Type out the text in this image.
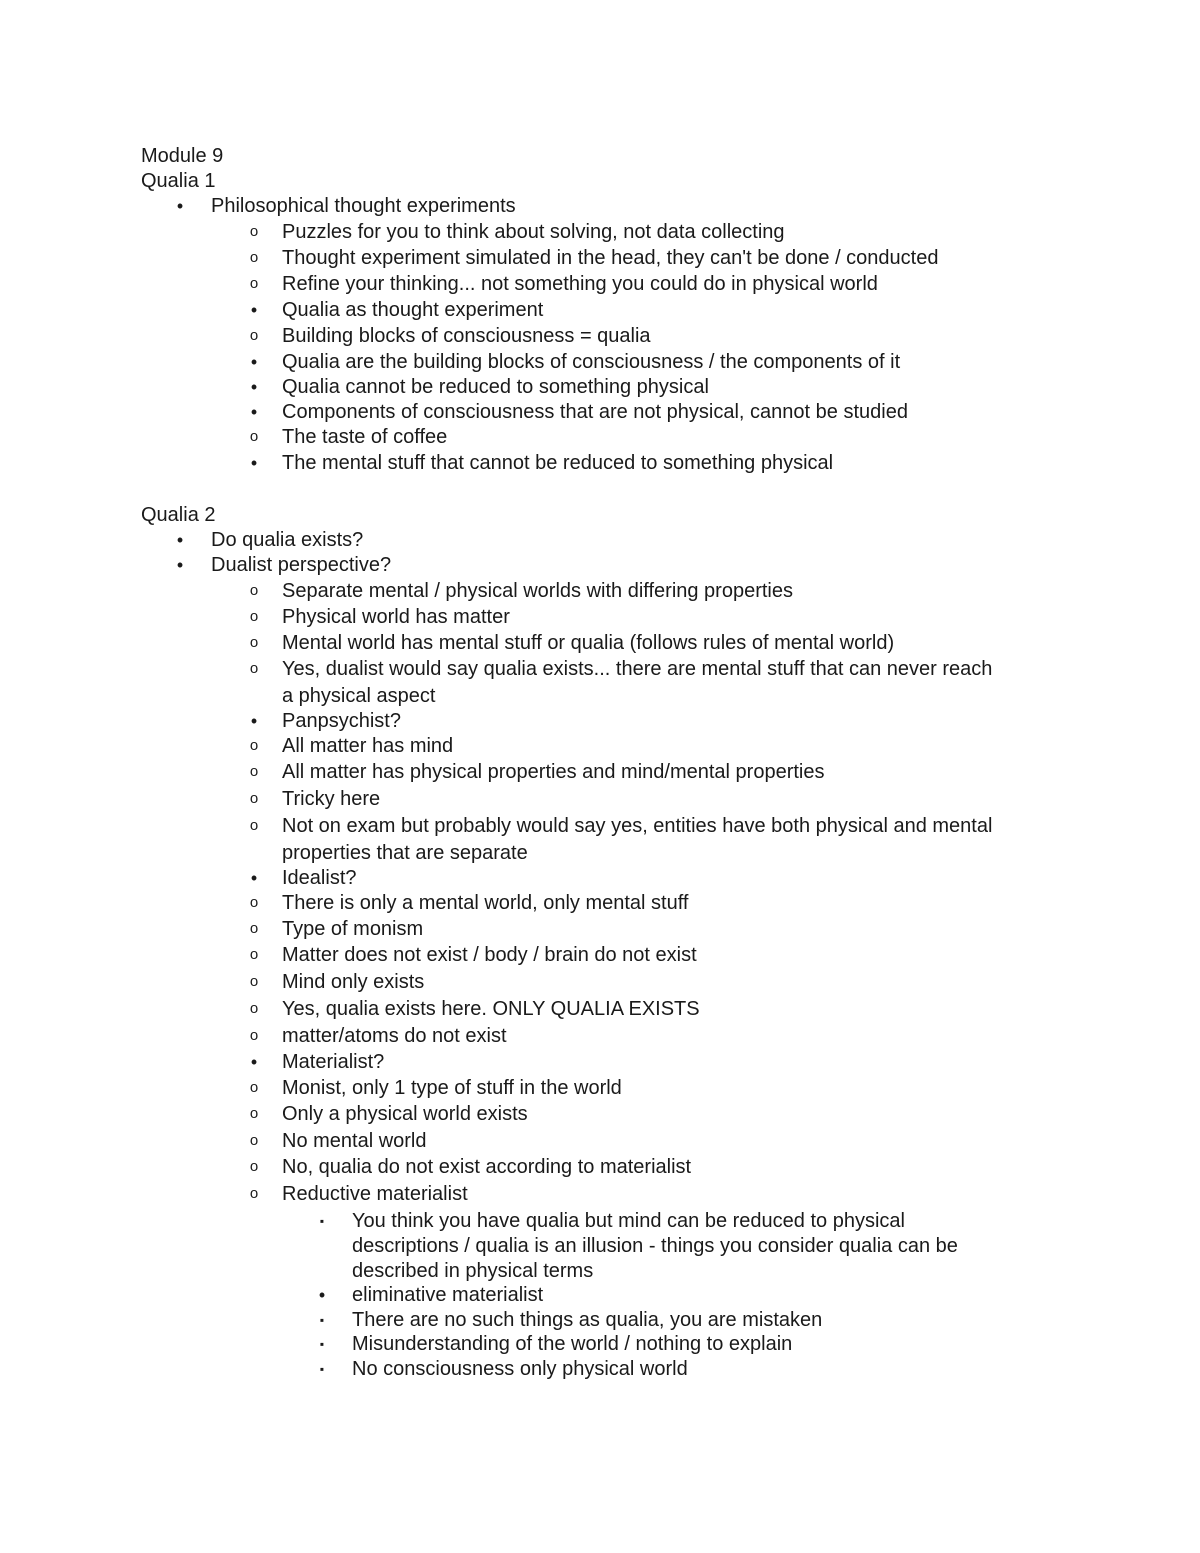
Module 9
Qualia 1
•	Philosophical thought experiments
o	Puzzles for you to think about solving, not data collecting
o	Thought experiment simulated in the head, they can't be done / conducted
o	Refine your thinking... not something you could do in physical world
•	Qualia as thought experiment
o	Building blocks of consciousness = qualia
•	Qualia are the building blocks of consciousness / the components of it
•	Qualia cannot be reduced to something physical
•	Components of consciousness that are not physical, cannot be studied
o	The taste of coffee
•	The mental stuff that cannot be reduced to something physical
Qualia 2
•	Do qualia exists?
•	Dualist perspective?
o	Separate mental / physical worlds with differing properties
o	Physical world has matter
o	Mental world has mental stuff or qualia (follows rules of mental world)
o	Yes, dualist would say qualia exists... there are mental stuff that can never reach
a physical aspect
•	Panpsychist?
o	All matter has mind
o	All matter has physical properties and mind/mental properties
o	Tricky here
o	Not on exam but probably would say yes, entities have both physical and mental
properties that are separate
•	Idealist?
o	There is only a mental world, only mental stuff
o	Type of monism
o	Matter does not exist / body / brain do not exist
o	Mind only exists
o	Yes, qualia exists here. ONLY QUALIA EXISTS
o	matter/atoms do not exist
•	Materialist?
o	Monist, only 1 type of stuff in the world
o	Only a physical world exists
o	No mental world
o	No, qualia do not exist according to materialist
o	Reductive materialist
▪	You think you have qualia but mind can be reduced to physical
descriptions / qualia is an illusion - things you consider qualia can be
described in physical terms
•	eliminative materialist
▪	There are no such things as qualia, you are mistaken
▪	Misunderstanding of the world / nothing to explain
▪	No consciousness only physical world
